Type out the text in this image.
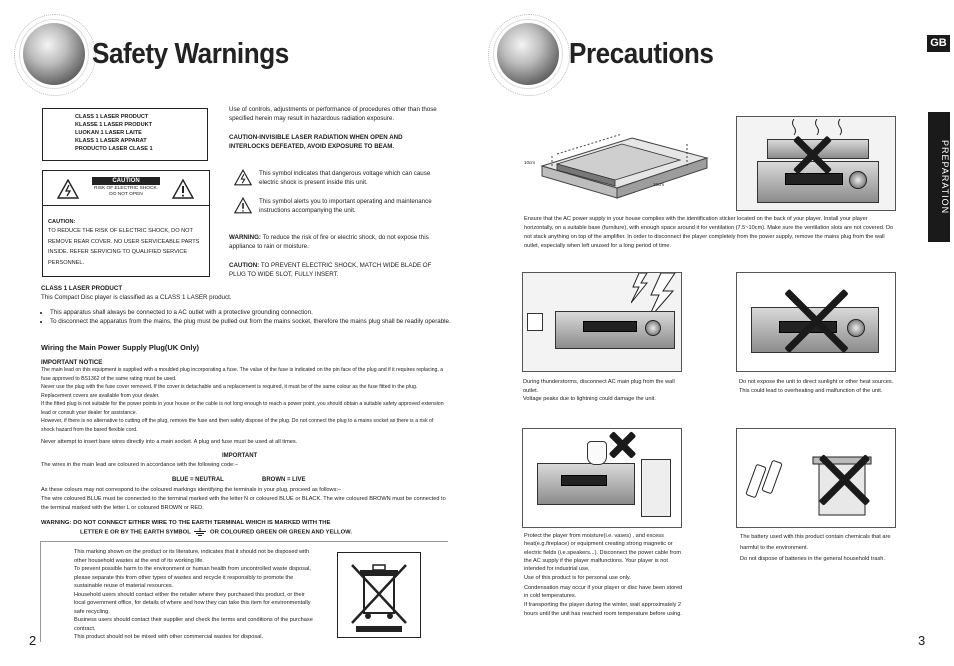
Safety Warnings
CLASS 1 LASER PRODUCT
KLASSE 1 LASER PRODUKT
LUOKAN 1 LASER LAITE
KLASS 1 LASER APPARAT
PRODUCTO LASER CLASE 1
CAUTION
RISK OF ELECTRIC SHOCK.
DO NOT OPEN
CAUTION:
TO REDUCE THE RISK OF ELECTRIC SHOCK, DO NOT REMOVE REAR COVER. NO USER SERVICEABLE PARTS INSIDE. REFER SERVICING TO QUALIFIED SERVICE PERSONNEL.
Use of controls, adjustments or performance of procedures other than those specified herein may result in hazardous radiation exposure.
CAUTION-INVISIBLE LASER RADIATION WHEN OPEN AND INTERLOCKS DEFEATED, AVOID EXPOSURE TO BEAM.
This symbol indicates that dangerous voltage which can cause electric shock is present inside this unit.
This symbol alerts you to important operating and maintenance instructions accompanying the unit.
WARNING: To reduce the risk of fire or electric shock, do not expose this appliance to rain or moisture.
CAUTION: TO PREVENT ELECTRIC SHOCK, MATCH WIDE BLADE OF PLUG TO WIDE SLOT, FULLY INSERT.
CLASS 1 LASER PRODUCT
This Compact Disc player is classified as a CLASS 1 LASER product.
• This apparatus shall always be connected to a AC outlet with a protective grounding connection.
• To disconnect the apparatus from the mains, the plug must be pulled out from the mains socket, therefore the mains plug shall be readily operable.
Wiring the Main Power Supply Plug(UK Only)
IMPORTANT NOTICE
The main lead on this equipment is supplied with a moulded plug incorporating a fuse. The value of the fuse is indicated on the pin face of the plug and if it requires replacing, a fuse approved to BS1362 of the same rating must be used.
Never use the plug with the fuse cover removed. If the cover is detachable and a replacement is required, it must be of the same colour as the fuse fitted in the plug. Replacement covers are available from your dealer.
If the fitted plug is not suitable for the power points in your house or the cable is not long enough to reach a power point, you should obtain a suitable safety approved extension lead or consult your dealer for assistance.
However, if there is no alternative to cutting off the plug, remove the fuse and then safely dispose of the plug. Do not connect the plug to a mains socket as there is a risk of shock hazard from the bared flexible cord.
Never attempt to insert bare wires directly into a main socket. A plug and fuse must be used at all times.
IMPORTANT
The wires in the main lead are coloured in accordance with the following code:–
BLUE = NEUTRAL	BROWN = LIVE
As these colours may not correspond to the coloured markings identifying the terminals in your plug, proceed as follows:–
The wire coloured BLUE must be connected to the terminal marked with the letter N or coloured BLUE or BLACK. The wire coloured BROWN must be connected to the terminal marked with the letter L or coloured BROWN or RED.
WARNING: DO NOT CONNECT EITHER WIRE TO THE EARTH TERMINAL WHICH IS MARKED WITH THE
LETTER E OR BY THE EARTH SYMBOL	OR COLOURED GREEN OR GREEN AND YELLOW.
This marking shown on the product or its literature, indicates that it should not be disposed with other household wastes at the end of its working life.
To prevent possible harm to the environment or human health from uncontrolled waste disposal, please separate this from other types of wastes and recycle it responsibly to promote the sustainable reuse of material resources.
Household users should contact either the retailer where they purchased this product, or their local government office, for details of where and how they can take this item for environmentally safe recycling.
Business users should contact their supplier and check the terms and conditions of the purchase contract.
This product should not be mixed with other commercial wastes for disposal.
2
Precautions	GB
PREPARATION
10cm
10cm
Ensure that the AC power supply in your house complies with the identification sticker located on the back of your player. Install your player horizontally, on a suitable base (furniture), with enough space around it for ventilation (7.5~10cm). Make sure the ventilation slots are not covered. Do not stack anything on top of the amplifier. In order to disconnect the player completely from the power supply, remove the mains plug from the wall outlet, especially when left unused for a long period of time.
During thunderstorms, disconnect AC main plug from the wall outlet.
Voltage peaks due to lightning could damage the unit.
Do not expose the unit to direct sunlight or other heat sources.
This could lead to overheating and malfunction of the unit.
Protect the player from moisture(i.e. vases) , and excess heat(e.g.fireplace) or equipment creating strong magnetic or electric fields (i.e.speakers...). Disconnect the power cable from the AC supply if the player malfunctions. Your player is not intended for industrial use.
Use of this product is for personal use only.
Condensation may occur if your player or disc have been stored in cold temperatures.
If transporting the player during the winter, wait approximately 2 hours until the unit has reached room temperature before using.
The battery used with this product contain chemicals that are harmful to the environment.
Do not dispose of batteries in the general household trash.
3
